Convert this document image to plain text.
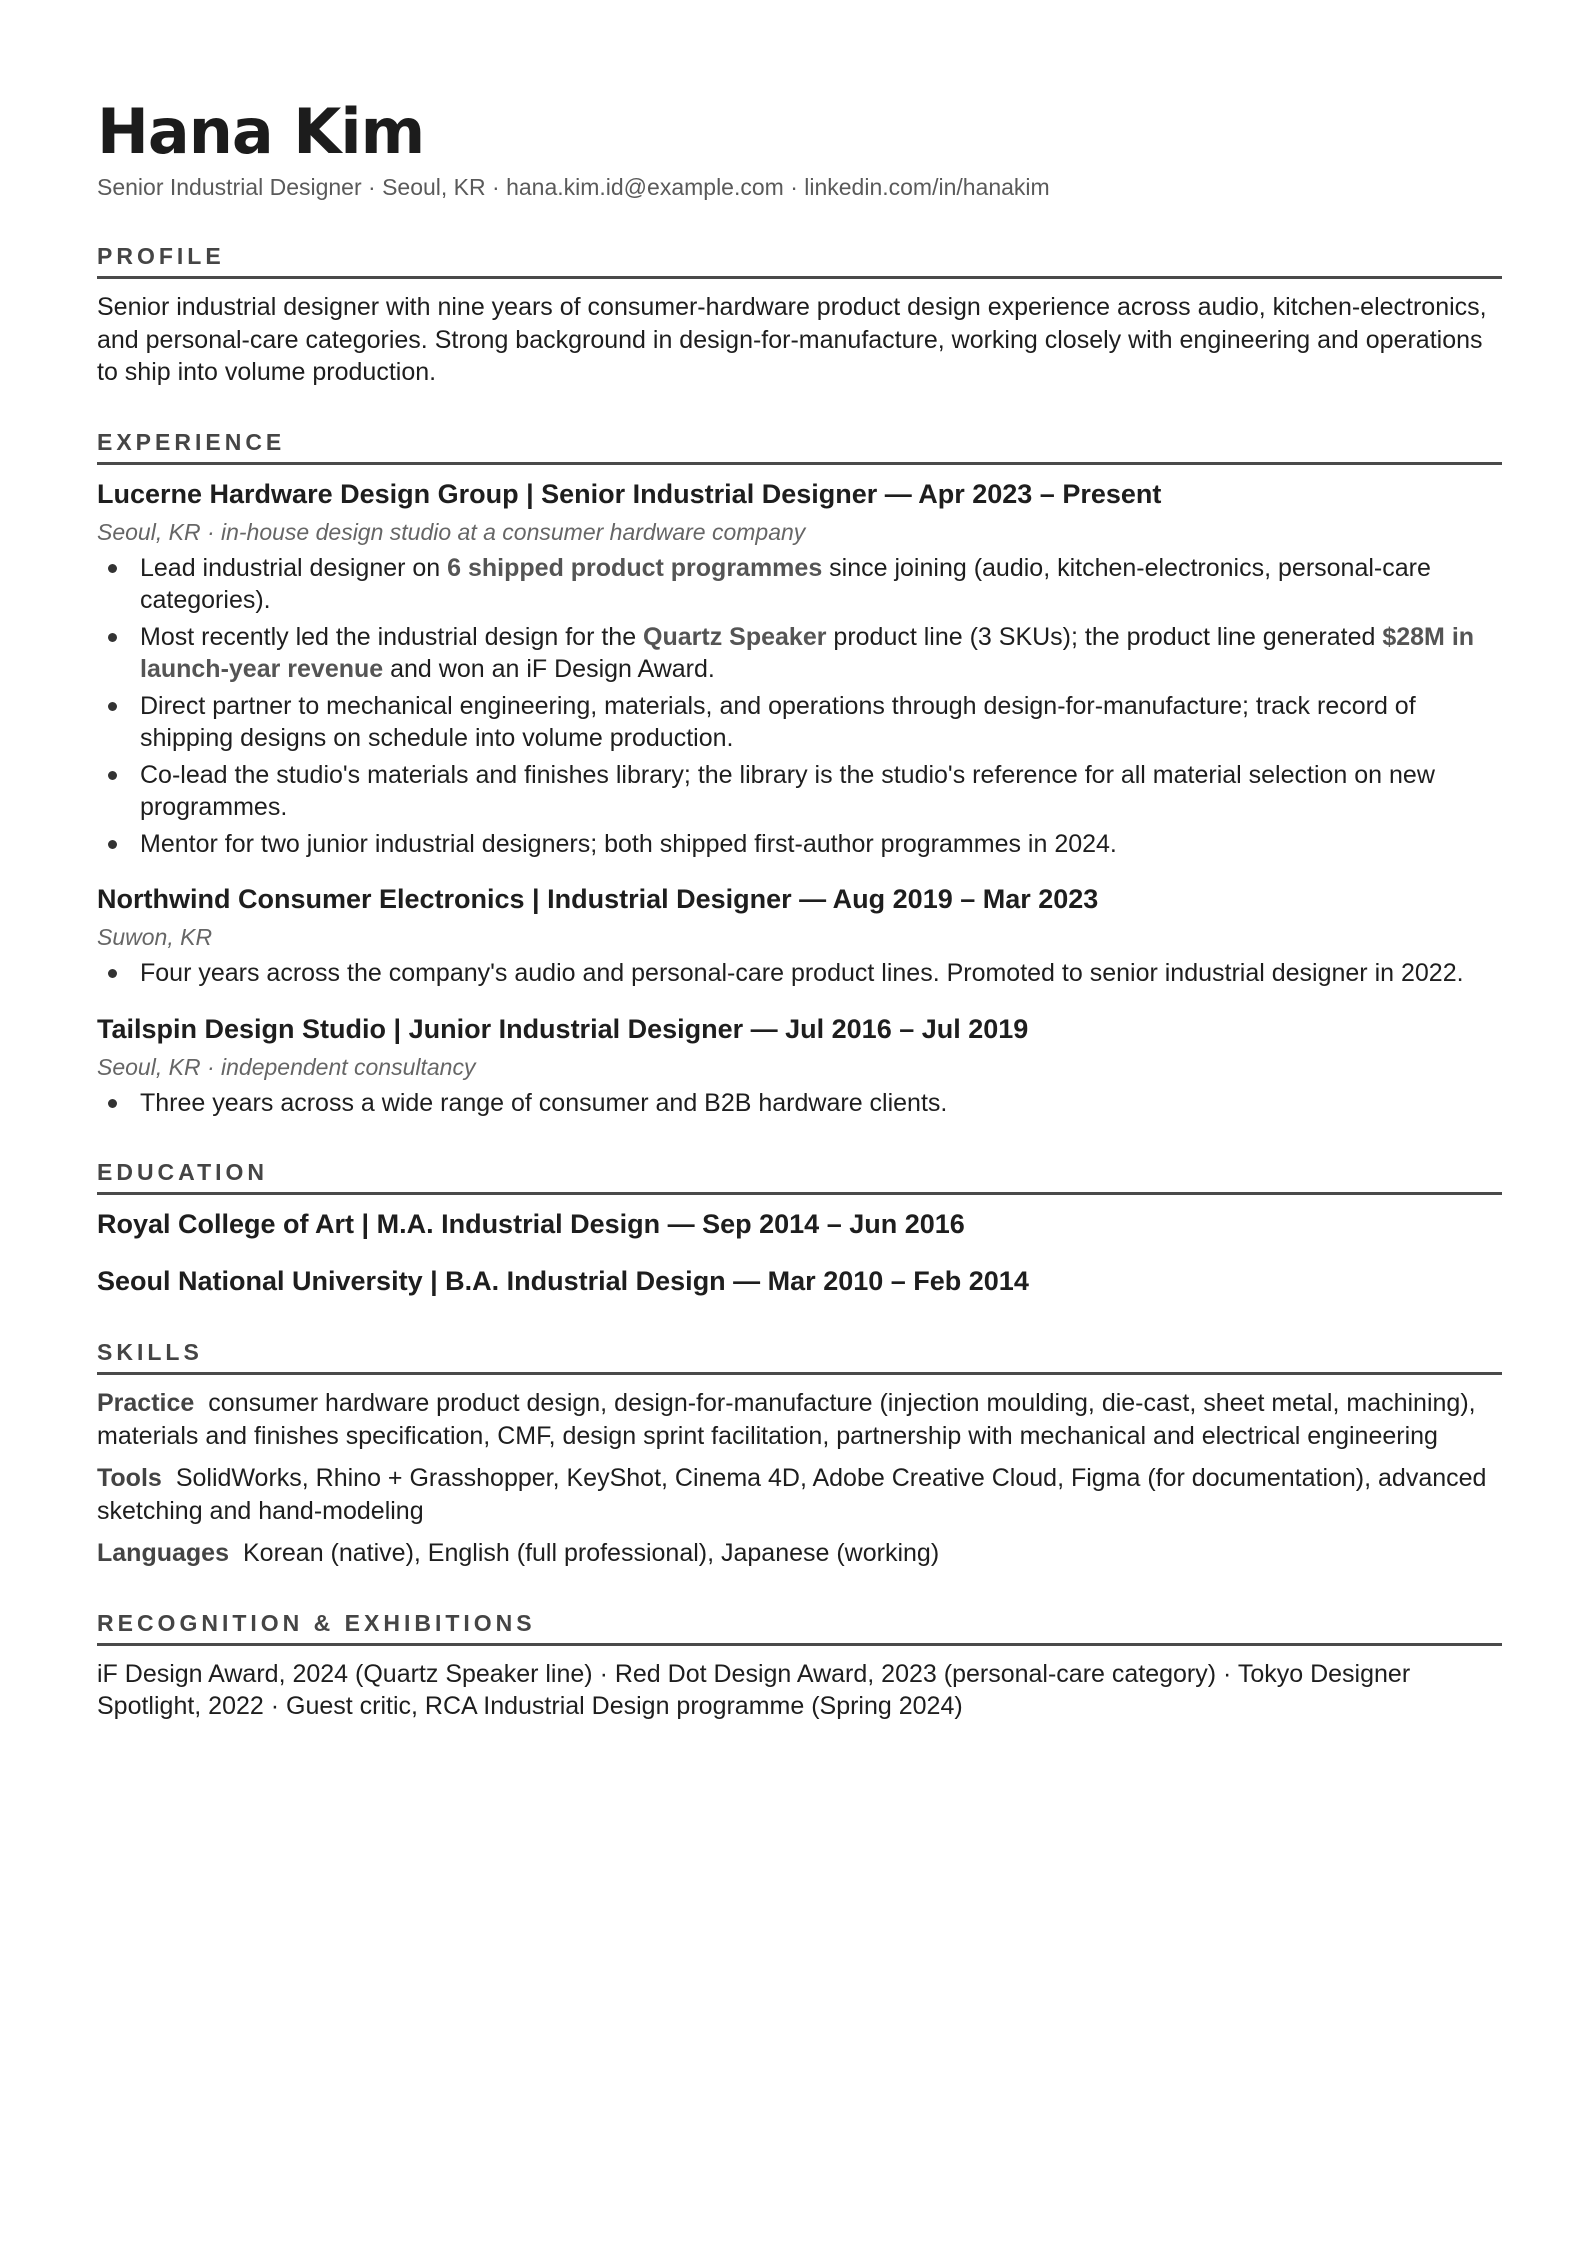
Hana Kim
Senior Industrial Designer · Seoul, KR · hana.kim.id@example.com · linkedin.com/in/hanakim
PROFILE
Senior industrial designer with nine years of consumer-hardware product design experience across audio, kitchen-electronics, and personal-care categories. Strong background in design-for-manufacture, working closely with engineering and operations to ship into volume production.
EXPERIENCE
Lucerne Hardware Design Group | Senior Industrial Designer — Apr 2023 – Present
Seoul, KR · in-house design studio at a consumer hardware company
Lead industrial designer on 6 shipped product programmes since joining (audio, kitchen-electronics, personal-care categories).
Most recently led the industrial design for the Quartz Speaker product line (3 SKUs); the product line generated $28M in launch-year revenue and won an iF Design Award.
Direct partner to mechanical engineering, materials, and operations through design-for-manufacture; track record of shipping designs on schedule into volume production.
Co-lead the studio's materials and finishes library; the library is the studio's reference for all material selection on new programmes.
Mentor for two junior industrial designers; both shipped first-author programmes in 2024.
Northwind Consumer Electronics | Industrial Designer — Aug 2019 – Mar 2023
Suwon, KR
Four years across the company's audio and personal-care product lines. Promoted to senior industrial designer in 2022.
Tailspin Design Studio | Junior Industrial Designer — Jul 2016 – Jul 2019
Seoul, KR · independent consultancy
Three years across a wide range of consumer and B2B hardware clients.
EDUCATION
Royal College of Art | M.A. Industrial Design — Sep 2014 – Jun 2016
Seoul National University | B.A. Industrial Design — Mar 2010 – Feb 2014
SKILLS
Practice consumer hardware product design, design-for-manufacture (injection moulding, die-cast, sheet metal, machining), materials and finishes specification, CMF, design sprint facilitation, partnership with mechanical and electrical engineering
Tools SolidWorks, Rhino + Grasshopper, KeyShot, Cinema 4D, Adobe Creative Cloud, Figma (for documentation), advanced sketching and hand-modeling
Languages Korean (native), English (full professional), Japanese (working)
RECOGNITION & EXHIBITIONS
iF Design Award, 2024 (Quartz Speaker line) · Red Dot Design Award, 2023 (personal-care category) · Tokyo Designer Spotlight, 2022 · Guest critic, RCA Industrial Design programme (Spring 2024)
